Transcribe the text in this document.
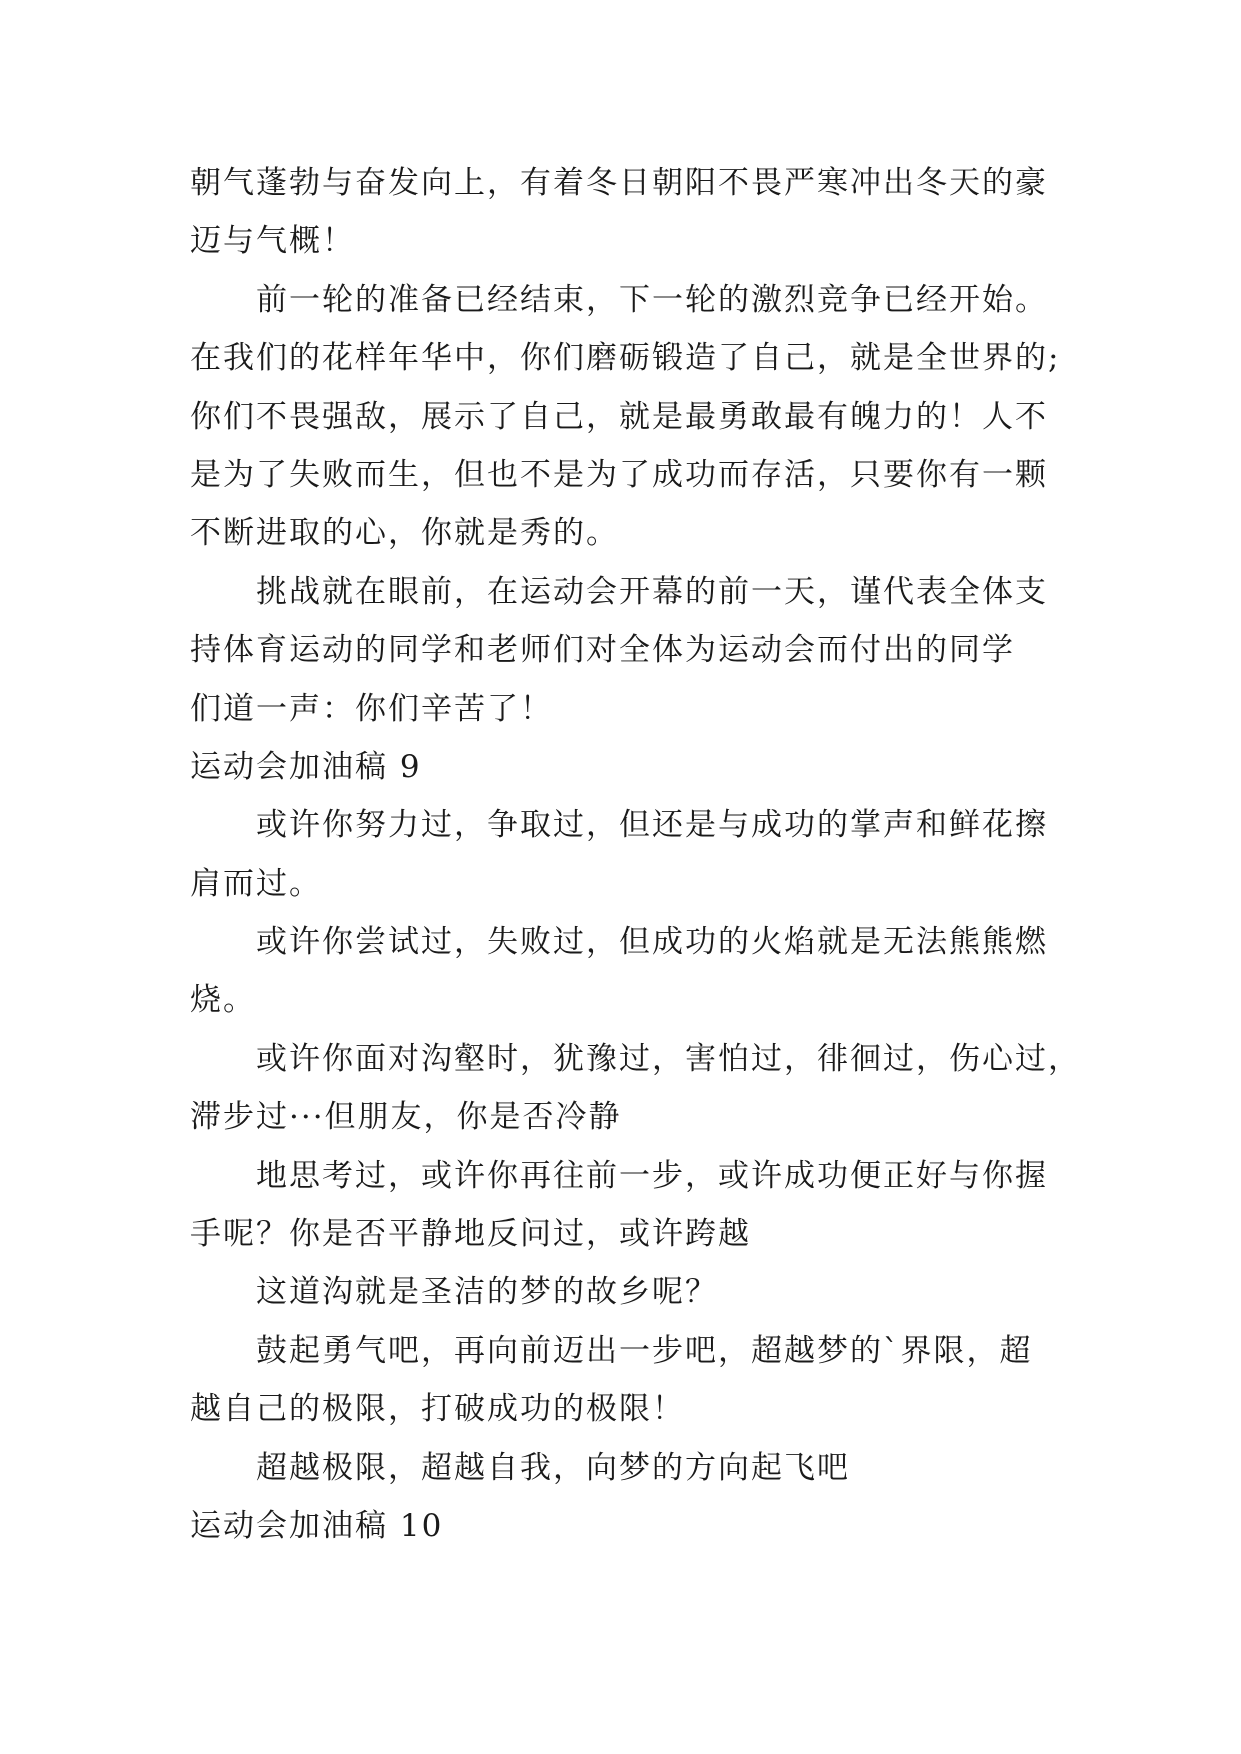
朝气蓬勃与奋发向上，有着冬日朝阳不畏严寒冲出冬天的豪
迈与气概！
前一轮的准备已经结束，下一轮的激烈竞争已经开始。
在我们的花样年华中，你们磨砺锻造了自己，就是全世界的;
你们不畏强敌，展示了自己，就是最勇敢最有魄力的！人不
是为了失败而生，但也不是为了成功而存活，只要你有一颗
不断进取的心，你就是秀的。
挑战就在眼前，在运动会开幕的前一天，谨代表全体支
持体育运动的同学和老师们对全体为运动会而付出的同学
们道一声：你们辛苦了！
运动会加油稿 9
或许你努力过，争取过，但还是与成功的掌声和鲜花擦
肩而过。
或许你尝试过，失败过，但成功的火焰就是无法熊熊燃
烧。
或许你面对沟壑时，犹豫过，害怕过，徘徊过，伤心过，
滞步过···但朋友，你是否冷静
地思考过，或许你再往前一步，或许成功便正好与你握
手呢？你是否平静地反问过，或许跨越
这道沟就是圣洁的梦的故乡呢？
鼓起勇气吧，再向前迈出一步吧，超越梦的`界限，超
越自己的极限，打破成功的极限！
超越极限，超越自我，向梦的方向起飞吧
运动会加油稿 10
